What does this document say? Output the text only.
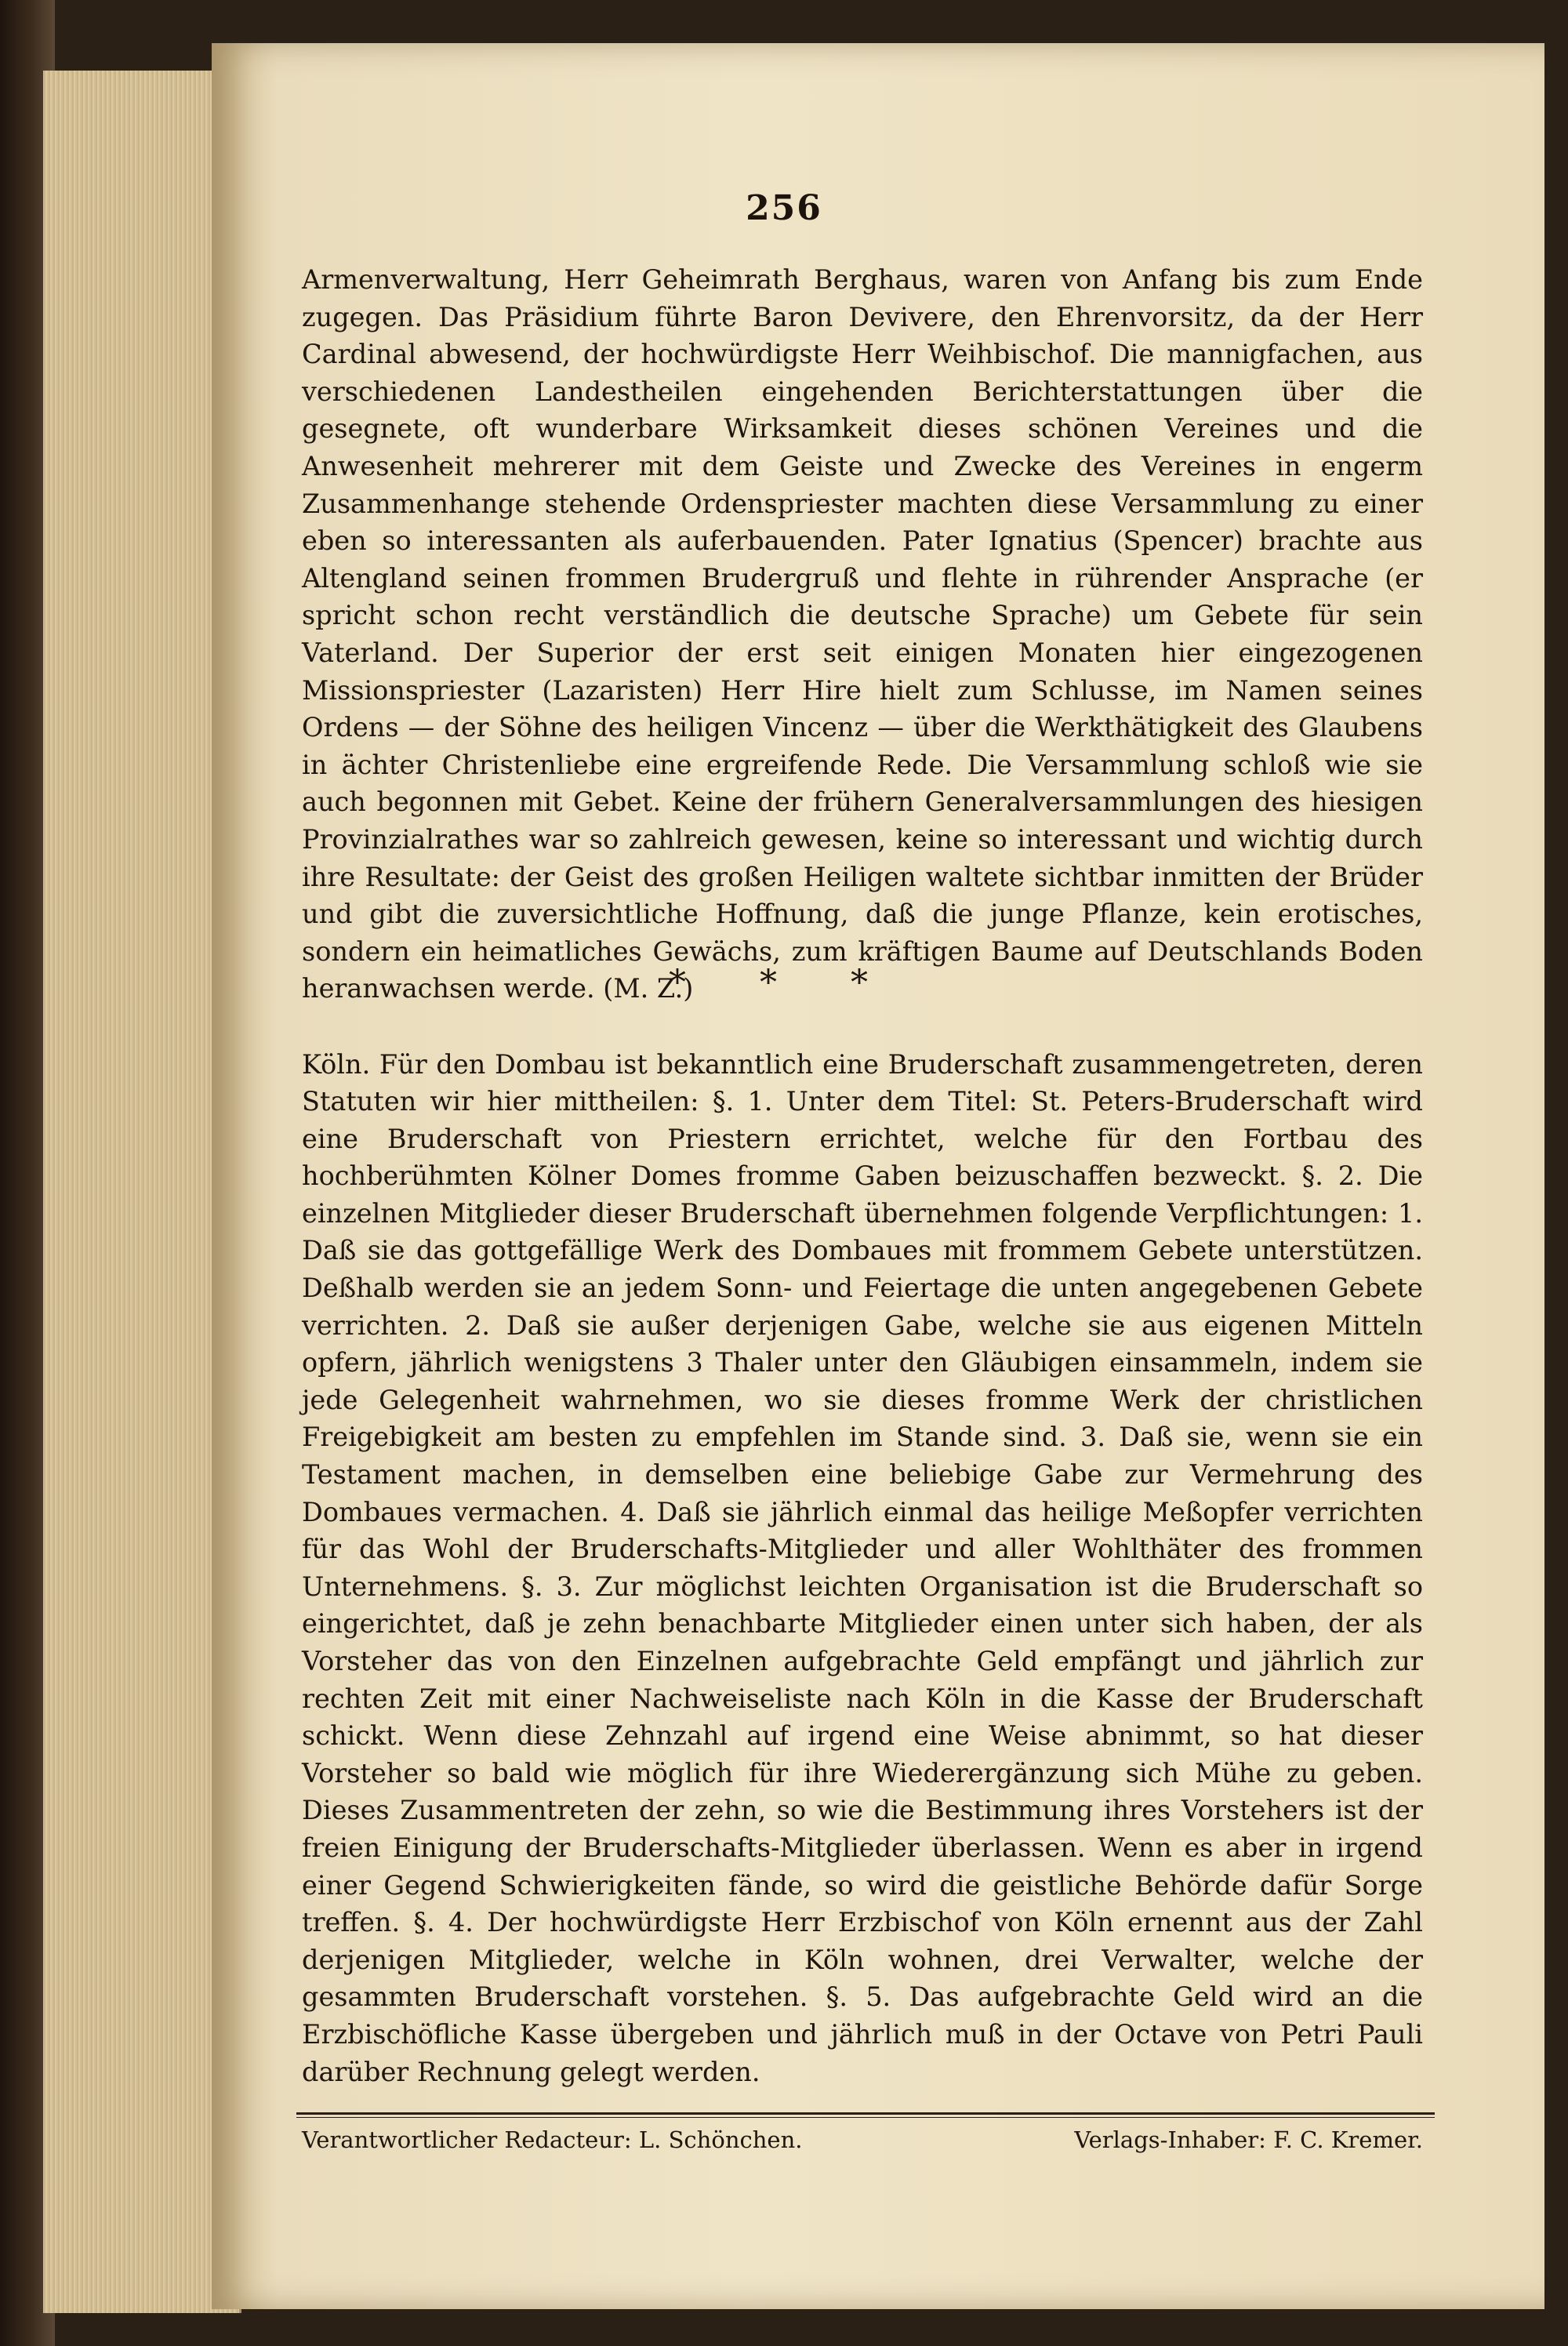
256

Armenverwaltung, Herr Geheimrath Berghaus, waren von Anfang bis zum Ende zugegen. Das Präsidium führte Baron Devivere, den Ehrenvorsitz, da der Herr Cardinal abwesend, der hochwürdigste Herr Weihbischof. Die mannigfachen, aus verschiedenen Landestheilen eingehenden Berichterstattungen über die gesegnete, oft wunderbare Wirksamkeit dieses schönen Vereines und die Anwesenheit mehrerer mit dem Geiste und Zwecke des Vereines in engerm Zusammenhange stehende Ordenspriester machten diese Versammlung zu einer eben so interessanten als auferbauenden. Pater Ignatius (Spencer) brachte aus Altengland seinen frommen Brudergruß und flehte in rührender Ansprache (er spricht schon recht verständlich die deutsche Sprache) um Gebete für sein Vaterland. Der Superior der erst seit einigen Monaten hier eingezogenen Missionspriester (Lazaristen) Herr Hire hielt zum Schlusse, im Namen seines Ordens — der Söhne des heiligen Vincenz — über die Werkthätigkeit des Glaubens in ächter Christenliebe eine ergreifende Rede. Die Versammlung schloß wie sie auch begonnen mit Gebet. Keine der frühern Generalversammlungen des hiesigen Provinzialrathes war so zahlreich gewesen, keine so interessant und wichtig durch ihre Resultate: der Geist des großen Heiligen waltete sichtbar inmitten der Brüder und gibt die zuversichtliche Hoffnung, daß die junge Pflanze, kein erotisches, sondern ein heimatliches Gewächs, zum kräftigen Baume auf Deutschlands Boden heranwachsen werde. (M. Z.)

* * *

Köln. Für den Dombau ist bekanntlich eine Bruderschaft zusammengetreten, deren Statuten wir hier mittheilen: §. 1. Unter dem Titel: St. Peters-Bruderschaft wird eine Bruderschaft von Priestern errichtet, welche für den Fortbau des hochberühmten Kölner Domes fromme Gaben beizuschaffen bezweckt. §. 2. Die einzelnen Mitglieder dieser Bruderschaft übernehmen folgende Verpflichtungen: 1. Daß sie das gottgefällige Werk des Dombaues mit frommem Gebete unterstützen. Deßhalb werden sie an jedem Sonn- und Feiertage die unten angegebenen Gebete verrichten. 2. Daß sie außer derjenigen Gabe, welche sie aus eigenen Mitteln opfern, jährlich wenigstens 3 Thaler unter den Gläubigen einsammeln, indem sie jede Gelegenheit wahrnehmen, wo sie dieses fromme Werk der christlichen Freigebigkeit am besten zu empfehlen im Stande sind. 3. Daß sie, wenn sie ein Testament machen, in demselben eine beliebige Gabe zur Vermehrung des Dombaues vermachen. 4. Daß sie jährlich einmal das heilige Meßopfer verrichten für das Wohl der Bruderschafts-Mitglieder und aller Wohlthäter des frommen Unternehmens. §. 3. Zur möglichst leichten Organisation ist die Bruderschaft so eingerichtet, daß je zehn benachbarte Mitglieder einen unter sich haben, der als Vorsteher das von den Einzelnen aufgebrachte Geld empfängt und jährlich zur rechten Zeit mit einer Nachweiseliste nach Köln in die Kasse der Bruderschaft schickt. Wenn diese Zehnzahl auf irgend eine Weise abnimmt, so hat dieser Vorsteher so bald wie möglich für ihre Wiederergänzung sich Mühe zu geben. Dieses Zusammentreten der zehn, so wie die Bestimmung ihres Vorstehers ist der freien Einigung der Bruderschafts-Mitglieder überlassen. Wenn es aber in irgend einer Gegend Schwierigkeiten fände, so wird die geistliche Behörde dafür Sorge treffen. §. 4. Der hochwürdigste Herr Erzbischof von Köln ernennt aus der Zahl derjenigen Mitglieder, welche in Köln wohnen, drei Verwalter, welche der gesammten Bruderschaft vorstehen. §. 5. Das aufgebrachte Geld wird an die Erzbischöfliche Kasse übergeben und jährlich muß in der Octave von Petri Pauli darüber Rechnung gelegt werden.

Verantwortlicher Redacteur: L. Schönchen.	Verlags-Inhaber: F. C. Kremer.
